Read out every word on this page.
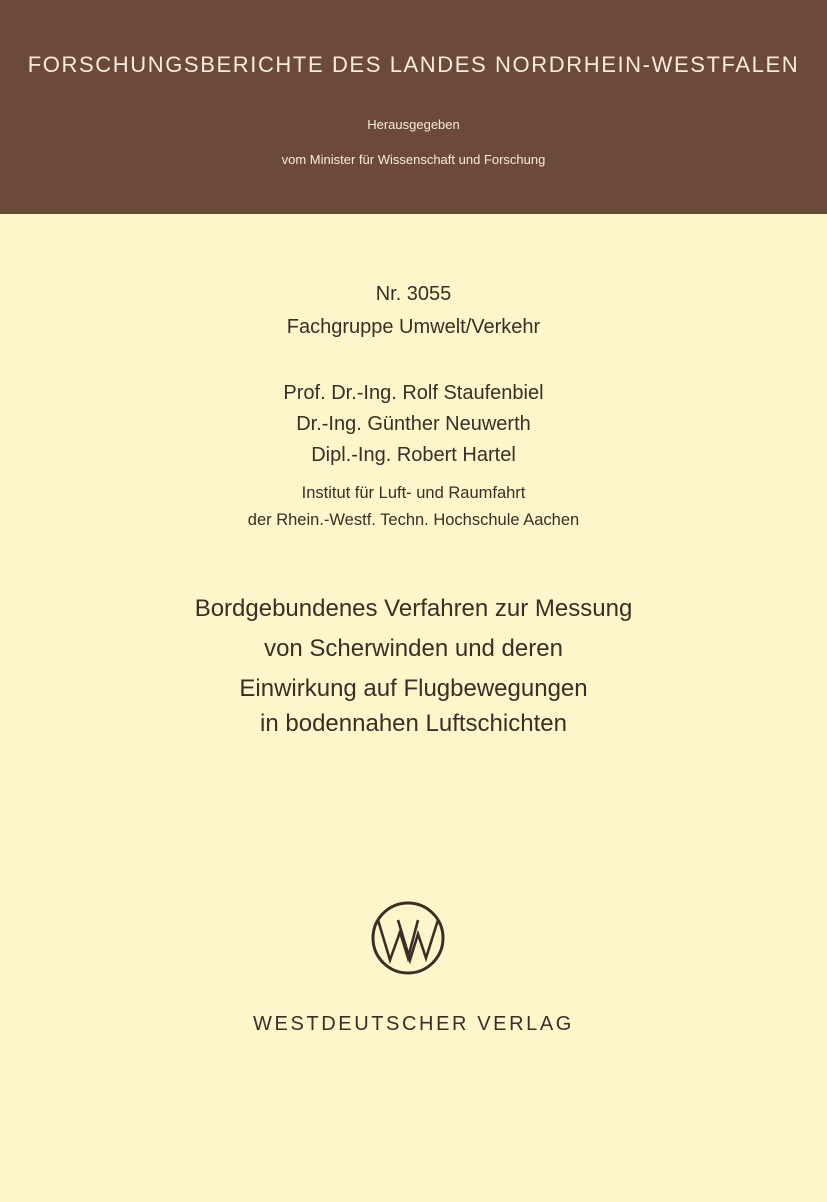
FORSCHUNGSBERICHTE DES LANDES NORDRHEIN-WESTFALEN
Herausgegeben
vom Minister für Wissenschaft und Forschung
Nr. 3055
Fachgruppe Umwelt/Verkehr
Prof. Dr.-Ing. Rolf Staufenbiel
Dr.-Ing. Günther Neuwerth
Dipl.-Ing. Robert Hartel
Institut für Luft- und Raumfahrt
der Rhein.-Westf. Techn. Hochschule Aachen
Bordgebundenes Verfahren zur Messung
von Scherwinden und deren
Einwirkung auf Flugbewegungen
in bodennahen Luftschichten
WESTDEUTSCHER VERLAG
